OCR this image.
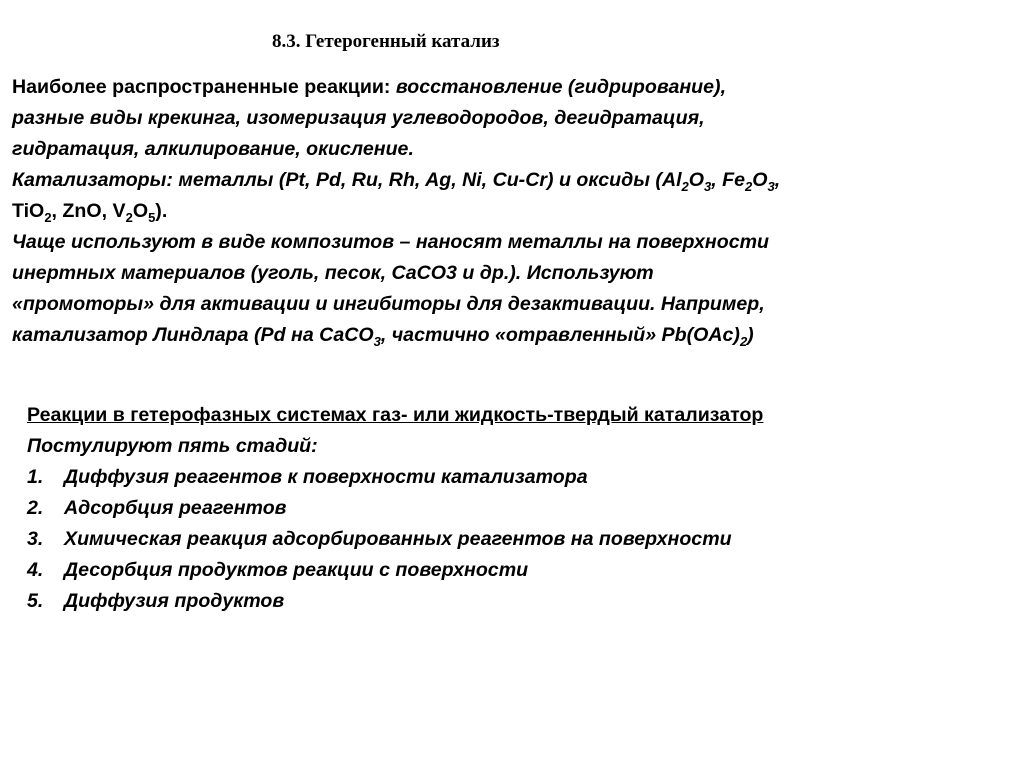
8.3. Гетерогенный катализ
Наиболее распространенные реакции: восстановление (гидрирование),
разные виды крекинга, изомеризация углеводородов, дегидратация,
гидратация, алкилирование, окисление.
Катализаторы: металлы (Pt, Pd, Ru, Rh, Ag, Ni, Cu-Cr) и оксиды ($Al_2O_3$, $Fe_2O_3$,
TiO$_2$, ZnO, $V_2O_5$).
Чаще используют в виде композитов – наносят металлы на поверхности
инертных материалов (уголь, песок, CaCO3 и др.). Используют
«промоторы» для активации и ингибиторы для дезактивации. Например,
катализатор Линдлара (Pd на CaCO$_3$, частично «отравленный» $Pb(OAc)_2$)
Реакции в гетерофазных системах газ- или жидкость-твердый катализатор
Постулируют пять стадий:
1.	Диффузия реагентов к поверхности катализатора
2.	Адсорбция реагентов
3.	Химическая реакция адсорбированных реагентов на поверхности
4.	Десорбция продуктов реакции с поверхности
5.	Диффузия продуктов
